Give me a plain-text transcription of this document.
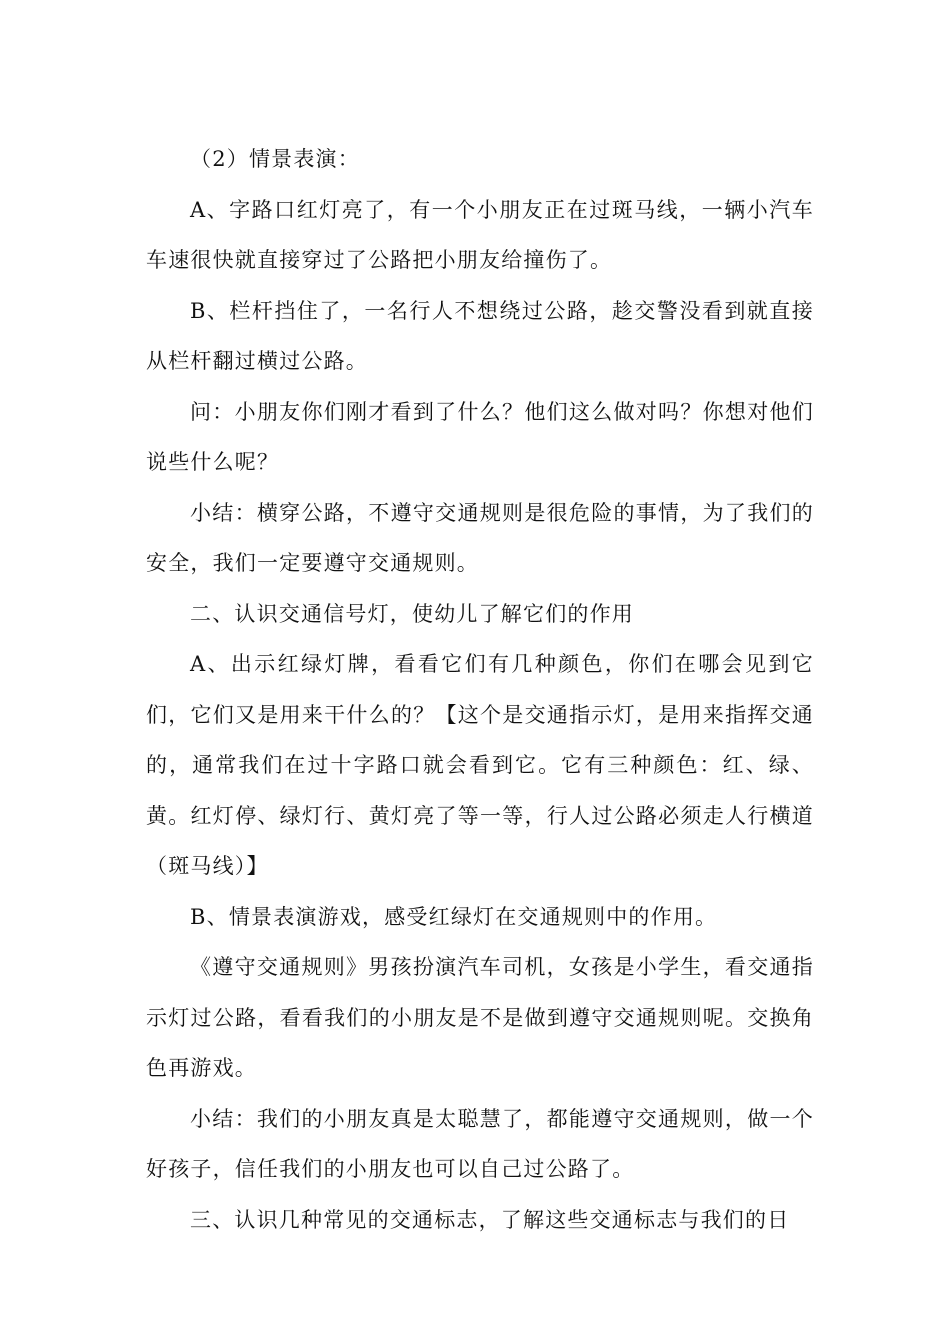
（2）情景表演：

A、字路口红灯亮了，有一个小朋友正在过斑马线，一辆小汽车车速很快就直接穿过了公路把小朋友给撞伤了。

B、栏杆挡住了，一名行人不想绕过公路，趁交警没看到就直接从栏杆翻过横过公路。

问：小朋友你们刚才看到了什么？他们这么做对吗？你想对他们说些什么呢？

小结：横穿公路，不遵守交通规则是很危险的事情，为了我们的安全，我们一定要遵守交通规则。

二、认识交通信号灯，使幼儿了解它们的作用

A、出示红绿灯牌，看看它们有几种颜色，你们在哪会见到它们，它们又是用来干什么的？【这个是交通指示灯，是用来指挥交通的，通常我们在过十字路口就会看到它。它有三种颜色：红、绿、黄。红灯停、绿灯行、黄灯亮了等一等，行人过公路必须走人行横道（斑马线）】

B、情景表演游戏，感受红绿灯在交通规则中的作用。

《遵守交通规则》男孩扮演汽车司机，女孩是小学生，看交通指示灯过公路，看看我们的小朋友是不是做到遵守交通规则呢。交换角色再游戏。

小结：我们的小朋友真是太聪慧了，都能遵守交通规则，做一个好孩子，信任我们的小朋友也可以自己过公路了。

三、认识几种常见的交通标志，了解这些交通标志与我们的日
